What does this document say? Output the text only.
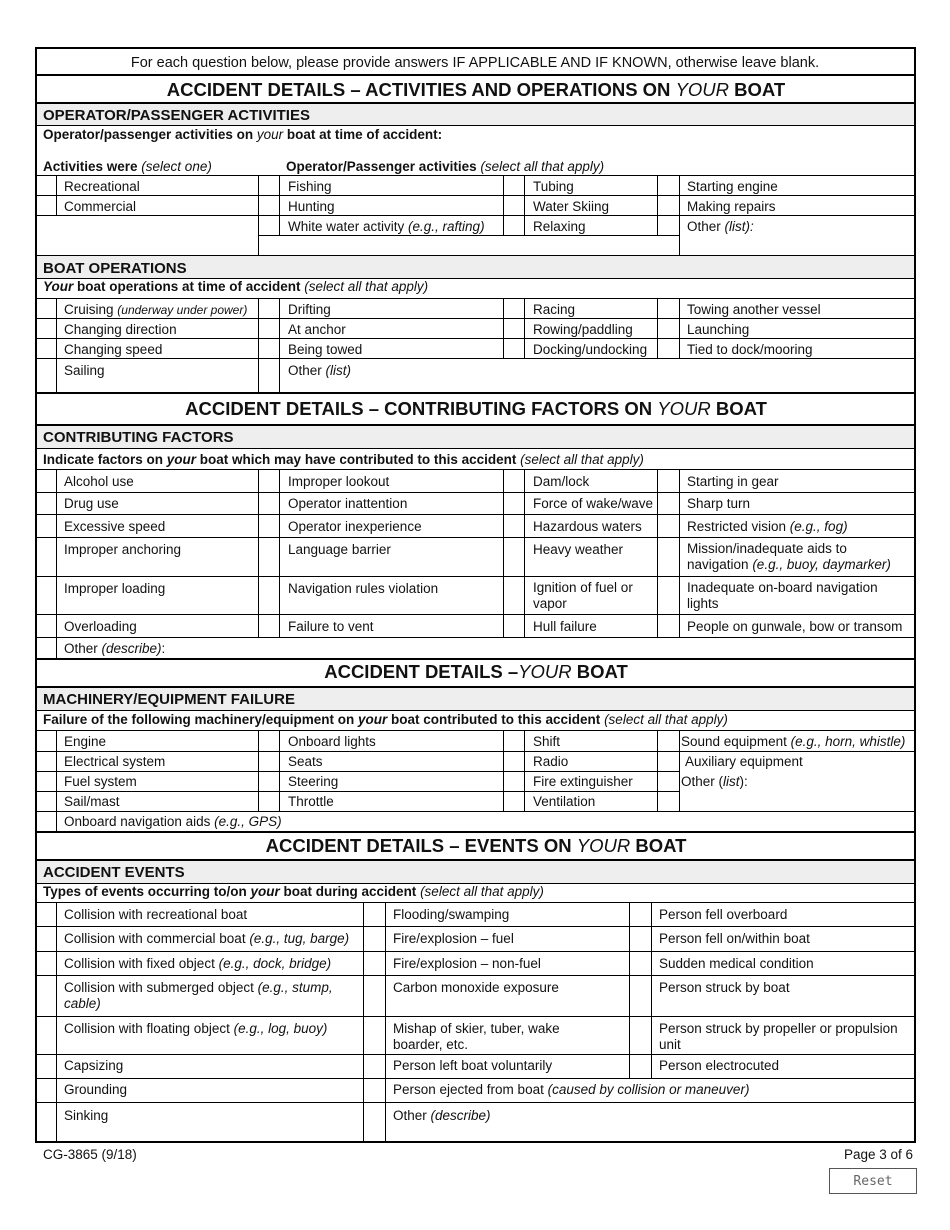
For each question below, please provide answers IF APPLICABLE AND IF KNOWN, otherwise leave blank.
ACCIDENT DETAILS – ACTIVITIES AND OPERATIONS ON YOUR BOAT
OPERATOR/PASSENGER ACTIVITIES
Operator/passenger activities on your boat at time of accident:
Activities were (select one)	Operator/Passenger activities (select all that apply)
Recreational
Commercial
Fishing
Hunting
White water activity (e.g., rafting)
Tubing
Water Skiing
Relaxing
Starting engine
Making repairs
Other (list):
BOAT OPERATIONS
Your boat operations at time of accident (select all that apply)
Cruising (underway under power)
Changing direction
Changing speed
Sailing
Drifting
At anchor
Being towed
Other (list)
Racing
Rowing/paddling
Docking/undocking
Towing another vessel
Launching
Tied to dock/mooring
ACCIDENT DETAILS – CONTRIBUTING FACTORS ON YOUR BOAT
CONTRIBUTING FACTORS
Indicate factors on your boat which may have contributed to this accident (select all that apply)
Alcohol use
Drug use
Excessive speed
Improper anchoring
Improper loading
Overloading
Other (describe):
Improper lookout
Operator inattention
Operator inexperience
Language barrier
Navigation rules violation
Failure to vent
Dam/lock
Force of wake/wave
Hazardous waters
Heavy weather
Ignition of fuel or vapor
Hull failure
Starting in gear
Sharp turn
Restricted vision (e.g., fog)
Mission/inadequate aids to navigation (e.g., buoy, daymarker)
Inadequate on-board navigation lights
People on gunwale, bow or transom
ACCIDENT DETAILS –YOUR BOAT
MACHINERY/EQUIPMENT FAILURE
Failure of the following machinery/equipment on your boat contributed to this accident (select all that apply)
Engine
Electrical system
Fuel system
Sail/mast
Onboard navigation aids (e.g., GPS)
Onboard lights
Seats
Steering
Throttle
Shift
Radio
Fire extinguisher
Ventilation
Sound equipment (e.g., horn, whistle)
Auxiliary equipment
Other (list):
ACCIDENT DETAILS – EVENTS ON YOUR BOAT
ACCIDENT EVENTS
Types of events occurring to/on your boat during accident (select all that apply)
Collision with recreational boat
Collision with commercial boat (e.g., tug, barge)
Collision with fixed object (e.g., dock, bridge)
Collision with submerged object (e.g., stump, cable)
Collision with floating object (e.g., log, buoy)
Capsizing
Grounding
Sinking
Flooding/swamping
Fire/explosion – fuel
Fire/explosion – non-fuel
Carbon monoxide exposure
Mishap of skier, tuber, wake boarder, etc.
Person left boat voluntarily
Person ejected from boat (caused by collision or maneuver)
Other (describe)
Person fell overboard
Person fell on/within boat
Sudden medical condition
Person struck by boat
Person struck by propeller or propulsion unit
Person electrocuted
CG-3865 (9/18)	Page 3 of 6
Reset
